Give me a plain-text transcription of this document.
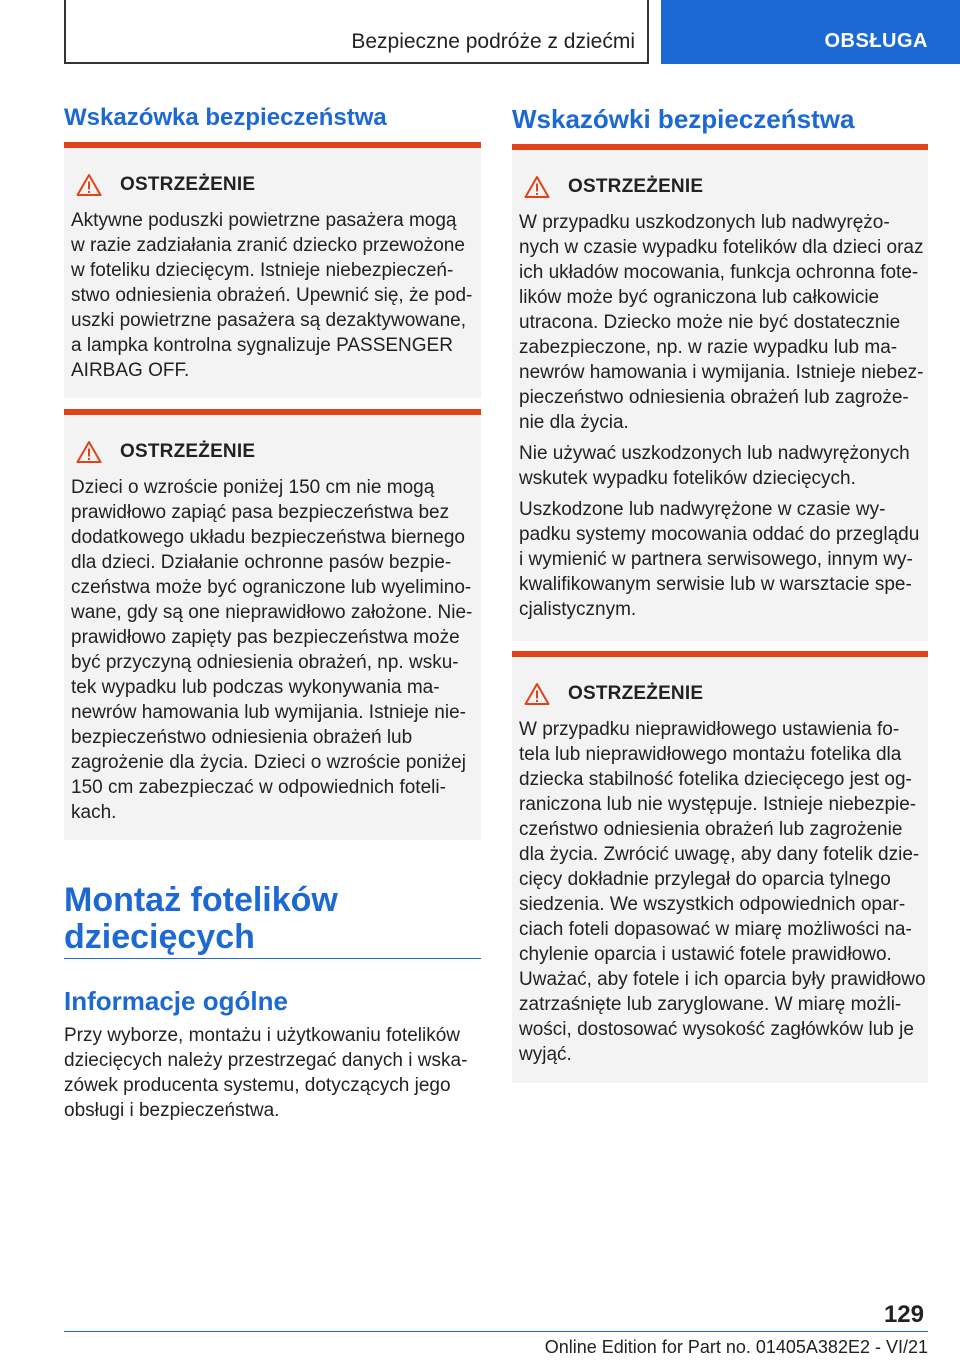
Bezpieczne podróże z dziećmi	OBSŁUGA
Wskazówka bezpieczeństwa
OSTRZEŻENIE
Aktywne poduszki powietrzne pasażera mogą
w razie zadziałania zranić dziecko przewożone
w foteliku dziecięcym. Istnieje niebezpieczeń-
stwo odniesienia obrażeń. Upewnić się, że pod-
uszki powietrzne pasażera są dezaktywowane,
a lampka kontrolna sygnalizuje PASSENGER
AIRBAG OFF.
OSTRZEŻENIE
Dzieci o wzroście poniżej 150 cm nie mogą
prawidłowo zapiąć pasa bezpieczeństwa bez
dodatkowego układu bezpieczeństwa biernego
dla dzieci. Działanie ochronne pasów bezpie-
czeństwa może być ograniczone lub wyelimino-
wane, gdy są one nieprawidłowo założone. Nie-
prawidłowo zapięty pas bezpieczeństwa może
być przyczyną odniesienia obrażeń, np. wsku-
tek wypadku lub podczas wykonywania ma-
newrów hamowania lub wymijania. Istnieje nie-
bezpieczeństwo odniesienia obrażeń lub
zagrożenie dla życia. Dzieci o wzroście poniżej
150 cm zabezpieczać w odpowiednich foteli-
kach.
Montaż fotelików
dziecięcych
Informacje ogólne
Przy wyborze, montażu i użytkowaniu fotelików
dziecięcych należy przestrzegać danych i wska-
zówek producenta systemu, dotyczących jego
obsługi i bezpieczeństwa.
Wskazówki bezpieczeństwa
OSTRZEŻENIE
W przypadku uszkodzonych lub nadwyrężo-
nych w czasie wypadku fotelików dla dzieci oraz
ich układów mocowania, funkcja ochronna fote-
lików może być ograniczona lub całkowicie
utracona. Dziecko może nie być dostatecznie
zabezpieczone, np. w razie wypadku lub ma-
newrów hamowania i wymijania. Istnieje niebez-
pieczeństwo odniesienia obrażeń lub zagroże-
nie dla życia.
Nie używać uszkodzonych lub nadwyrężonych
wskutek wypadku fotelików dziecięcych.
Uszkodzone lub nadwyrężone w czasie wy-
padku systemy mocowania oddać do przeglądu
i wymienić w partnera serwisowego, innym wy-
kwalifikowanym serwisie lub w warsztacie spe-
cjalistycznym.
OSTRZEŻENIE
W przypadku nieprawidłowego ustawienia fo-
tela lub nieprawidłowego montażu fotelika dla
dziecka stabilność fotelika dziecięcego jest og-
raniczona lub nie występuje. Istnieje niebezpie-
czeństwo odniesienia obrażeń lub zagrożenie
dla życia. Zwrócić uwagę, aby dany fotelik dzie-
cięcy dokładnie przylegał do oparcia tylnego
siedzenia. We wszystkich odpowiednich opar-
ciach foteli dopasować w miarę możliwości na-
chylenie oparcia i ustawić fotele prawidłowo.
Uważać, aby fotele i ich oparcia były prawidłowo
zatrzaśnięte lub zaryglowane. W miarę możli-
wości, dostosować wysokość zagłówków lub je
wyjąć.
129
Online Edition for Part no. 01405A382E2 - VI/21
